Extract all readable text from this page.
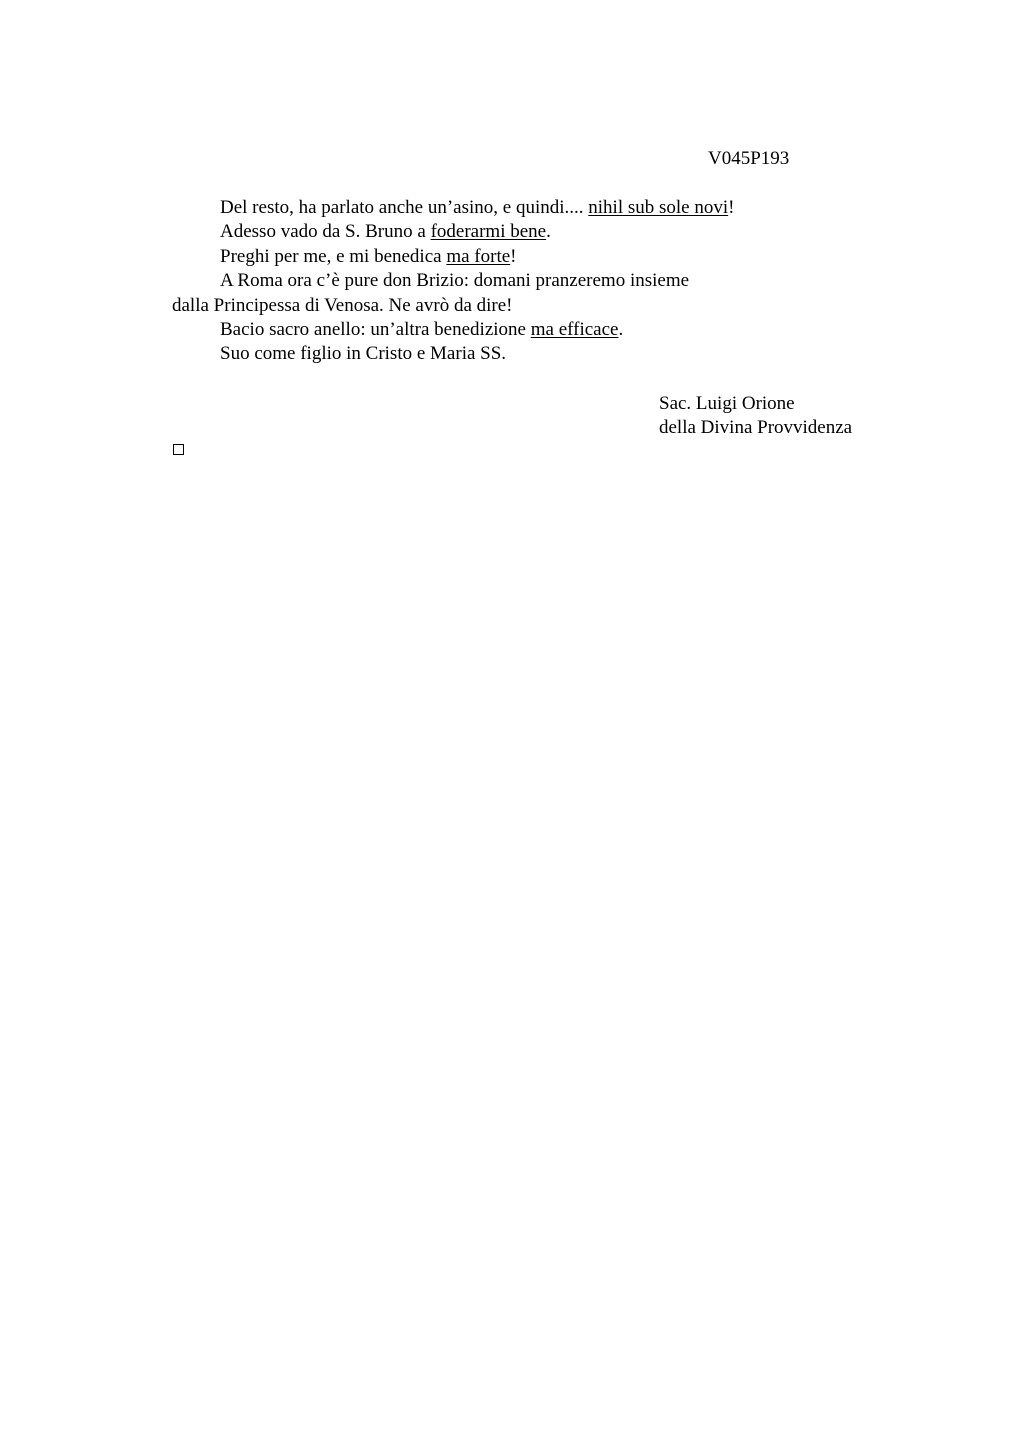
V045P193
Del resto, ha parlato anche un’asino, e quindi.... nihil sub sole novi!
Adesso vado da S. Bruno a foderarmi bene.
Preghi per me, e mi benedica ma forte!
A Roma ora c’è pure don Brizio: domani pranzeremo insieme
dalla Principessa di Venosa. Ne avrò da dire!
Bacio sacro anello: un’altra benedizione ma efficace.
Suo come figlio in Cristo e Maria SS.
Sac. Luigi Orione
della Divina Provvidenza
